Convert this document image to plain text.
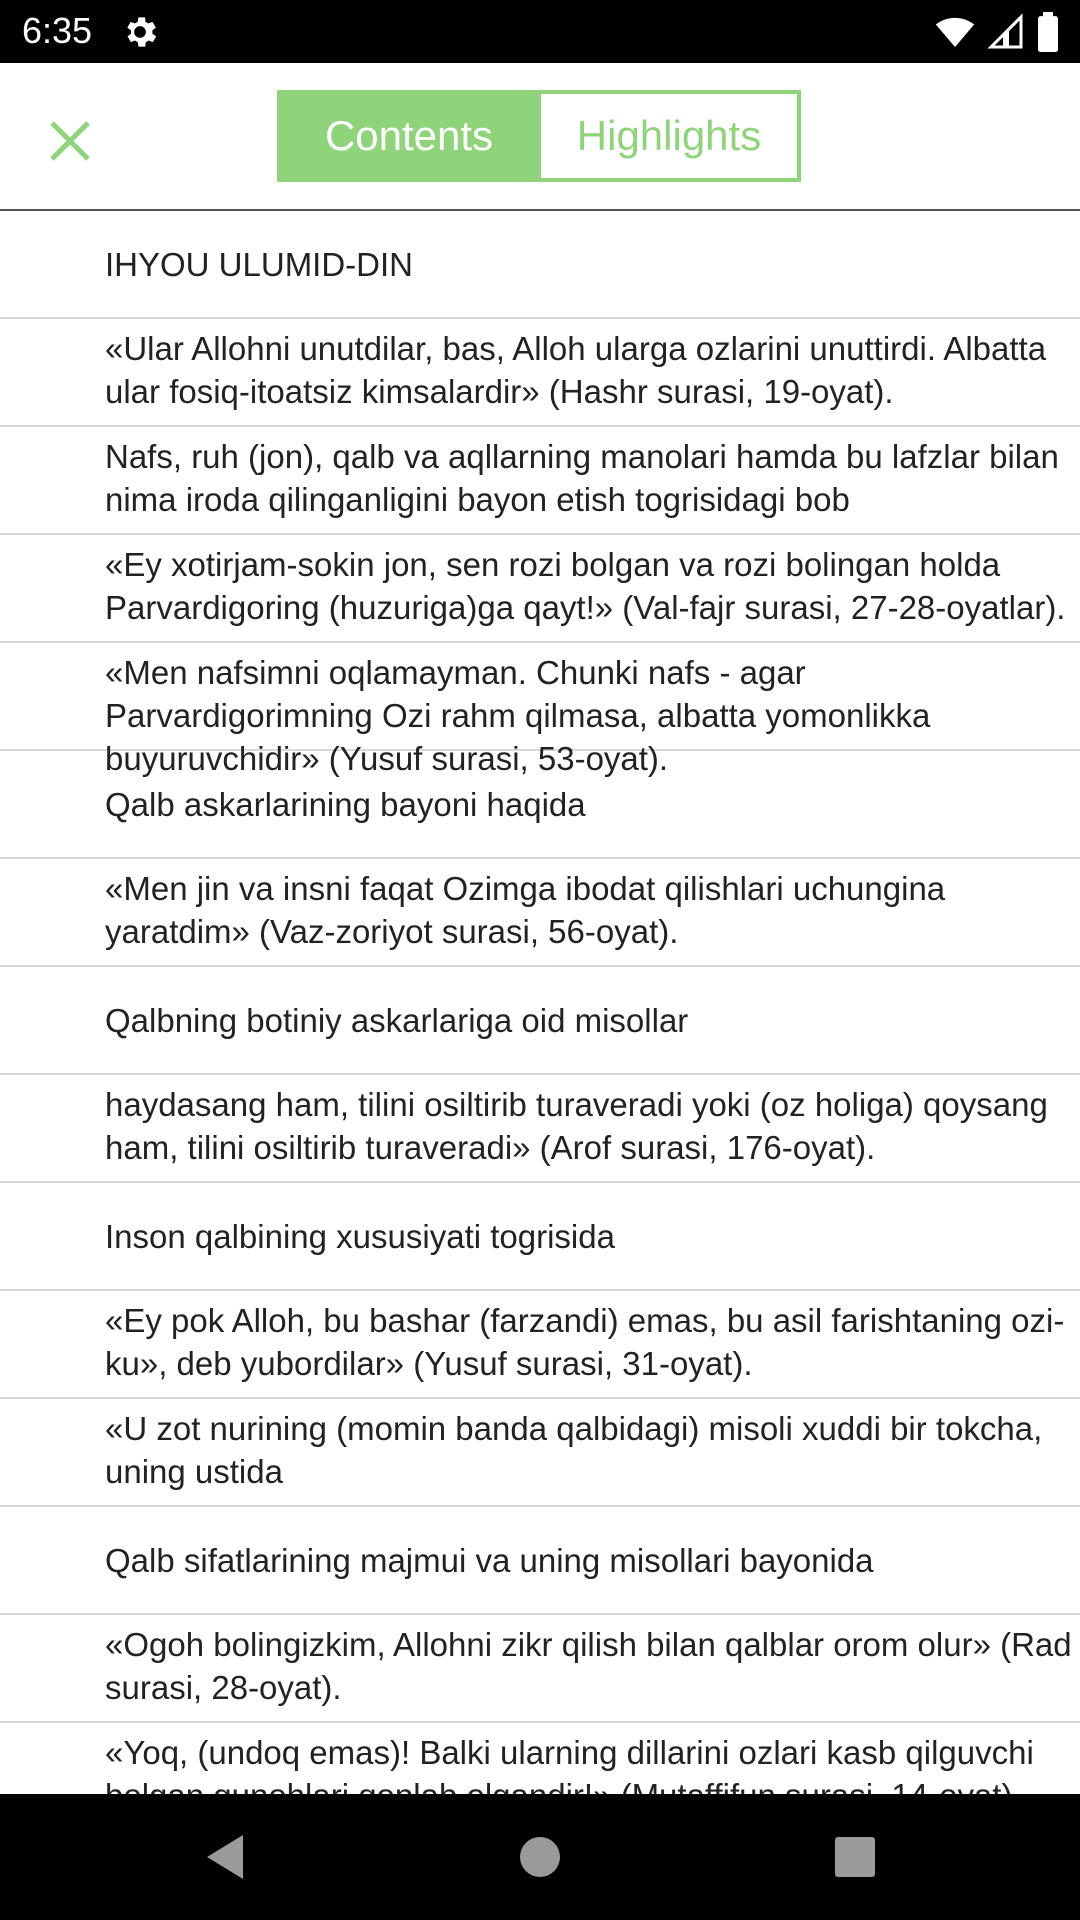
6:35

Contents	Highlights
IHYOU ULUMID-DIN
«Ular Allohni unutdilar, bas, Alloh ularga ozlarini unuttirdi. Albatta ular fosiq-itoatsiz kimsalardir» (Hashr surasi, 19-oyat).
Nafs, ruh (jon), qalb va aqllarning manolari hamda bu lafzlar bilan nima iroda qilinganligini bayon etish togrisidagi bob
«Ey xotirjam-sokin jon, sen rozi bolgan va rozi bolingan holda Parvardigoring (huzuriga)ga qayt!» (Val-fajr surasi, 27-28-oyatlar).
«Men nafsimni oqlamayman. Chunki nafs - agar Parvardigorimning Ozi rahm qilmasa, albatta yomonlikka buyuruvchidir» (Yusuf surasi, 53-oyat).
Qalb askarlarining bayoni haqida
«Men jin va insni faqat Ozimga ibodat qilishlari uchungina yaratdim» (Vaz-zoriyot surasi, 56-oyat).
Qalbning botiniy askarlariga oid misollar
haydasang ham, tilini osiltirib turaveradi yoki (oz holiga) qoysang ham, tilini osiltirib turaveradi» (Arof surasi, 176-oyat).
Inson qalbining xususiyati togrisida
«Ey pok Alloh, bu bashar (farzandi) emas, bu asil farishtaning ozi-ku», deb yubordilar» (Yusuf surasi, 31-oyat).
«U zot nurining (momin banda qalbidagi) misoli xuddi bir tokcha, uning ustida
Qalb sifatlarining majmui va uning misollari bayonida
«Ogoh bolingizkim, Allohni zikr qilish bilan qalblar orom olur» (Rad surasi, 28-oyat).
«Yoq, (undoq emas)! Balki ularning dillarini ozlari kasb qilguvchi
